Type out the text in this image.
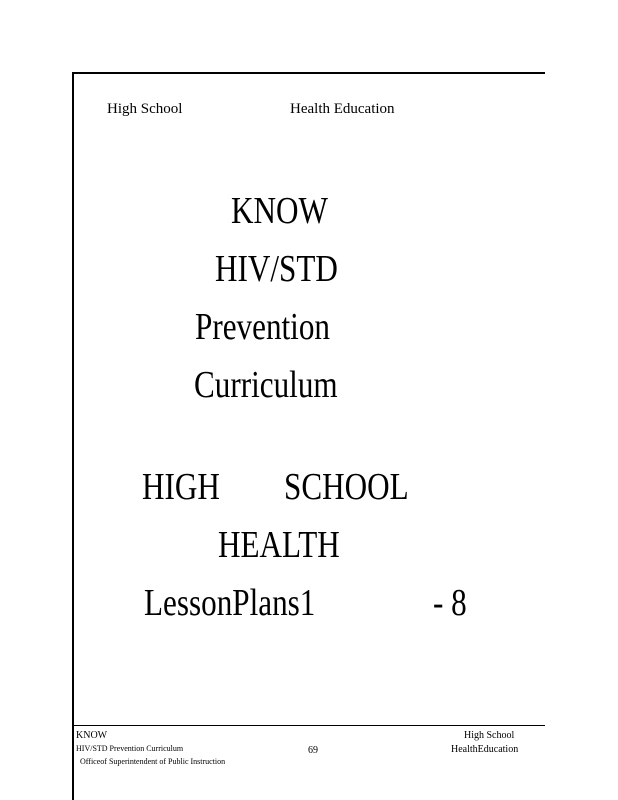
High School	Health Education
KNOW
HIV/STD
Prevention
Curriculum
HIGH SCHOOL
HEALTH
LessonPlans1	- 8
KNOW
HIV/STD Prevention Curriculum
Officeof Superintendent of Public Instruction
69
High School
HealthEducation
